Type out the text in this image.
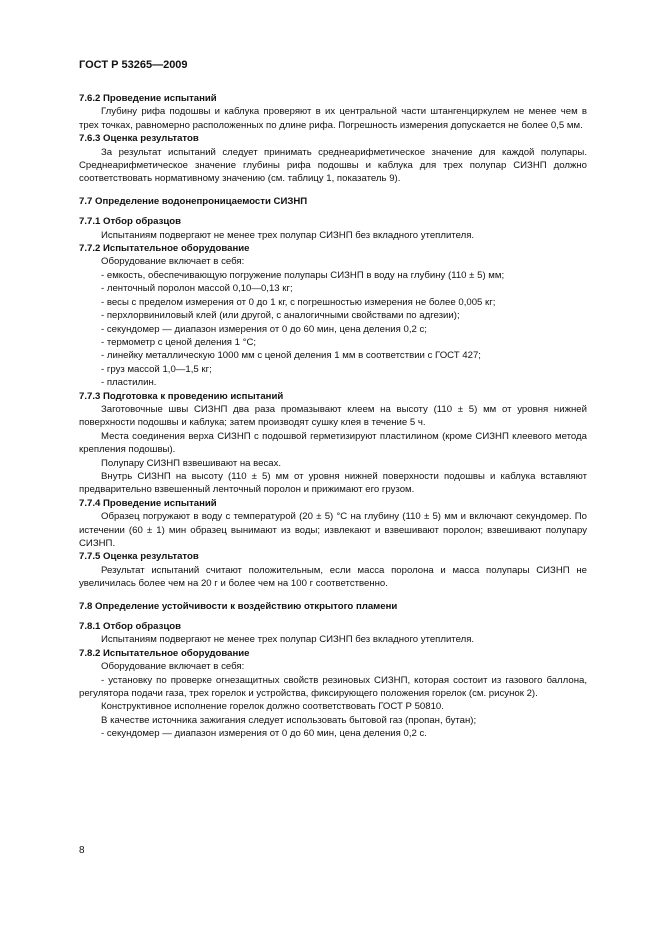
ГОСТ Р 53265—2009

7.6.2 Проведение испытаний

Глубину рифа подошвы и каблука проверяют в их центральной части штангенциркулем не менее чем в трех точках, равномерно расположенных по длине рифа. Погрешность измерения допускается не более 0,5 мм.

7.6.3 Оценка результатов

За результат испытаний следует принимать среднеарифметическое значение для каждой полупары. Среднеарифметическое значение глубины рифа подошвы и каблука для трех полупар СИЗНП должно соответствовать нормативному значению (см. таблицу 1, показатель 9).

7.7 Определение водонепроницаемости СИЗНП

7.7.1 Отбор образцов

Испытаниям подвергают не менее трех полупар СИЗНП без вкладного утеплителя.

7.7.2 Испытательное оборудование

Оборудование включает в себя:

- емкость, обеспечивающую погружение полупары СИЗНП в воду на глубину (110 ± 5) мм;

- ленточный поролон массой 0,10—0,13 кг;

- весы с пределом измерения от 0 до 1 кг, с погрешностью измерения не более 0,005 кг;

- перхлорвиниловый клей (или другой, с аналогичными свойствами по адгезии);

- секундомер — диапазон измерения от 0 до 60 мин, цена деления 0,2 с;

- термометр с ценой деления 1 °С;

- линейку металлическую 1000 мм с ценой деления 1 мм в соответствии с ГОСТ 427;

- груз массой 1,0—1,5 кг;

- пластилин.

7.7.3 Подготовка к проведению испытаний

Заготовочные швы СИЗНП два раза промазывают клеем на высоту (110 ± 5) мм от уровня нижней поверхности подошвы и каблука; затем производят сушку клея в течение 5 ч.

Места соединения верха СИЗНП с подошвой герметизируют пластилином (кроме СИЗНП клеевого метода крепления подошвы).

Полупару СИЗНП взвешивают на весах.

Внутрь СИЗНП на высоту (110 ± 5) мм от уровня нижней поверхности подошвы и каблука вставляют предварительно взвешенный ленточный поролон и прижимают его грузом.

7.7.4 Проведение испытаний

Образец погружают в воду с температурой (20 ± 5) °С на глубину (110 ± 5) мм и включают секундомер. По истечении (60 ± 1) мин образец вынимают из воды; извлекают и взвешивают поролон; взвешивают полупару СИЗНП.

7.7.5 Оценка результатов

Результат испытаний считают положительным, если масса поролона и масса полупары СИЗНП не увеличилась более чем на 20 г и более чем на 100 г соответственно.

7.8 Определение устойчивости к воздействию открытого пламени

7.8.1 Отбор образцов

Испытаниям подвергают не менее трех полупар СИЗНП без вкладного утеплителя.

7.8.2 Испытательное оборудование

Оборудование включает в себя:

- установку по проверке огнезащитных свойств резиновых СИЗНП, которая состоит из газового баллона, регулятора подачи газа, трех горелок и устройства, фиксирующего положения горелок (см. рисунок 2).

Конструктивное исполнение горелок должно соответствовать ГОСТ Р 50810.

В качестве источника зажигания следует использовать бытовой газ (пропан, бутан);

- секундомер — диапазон измерения от 0 до 60 мин, цена деления 0,2 с.

8
